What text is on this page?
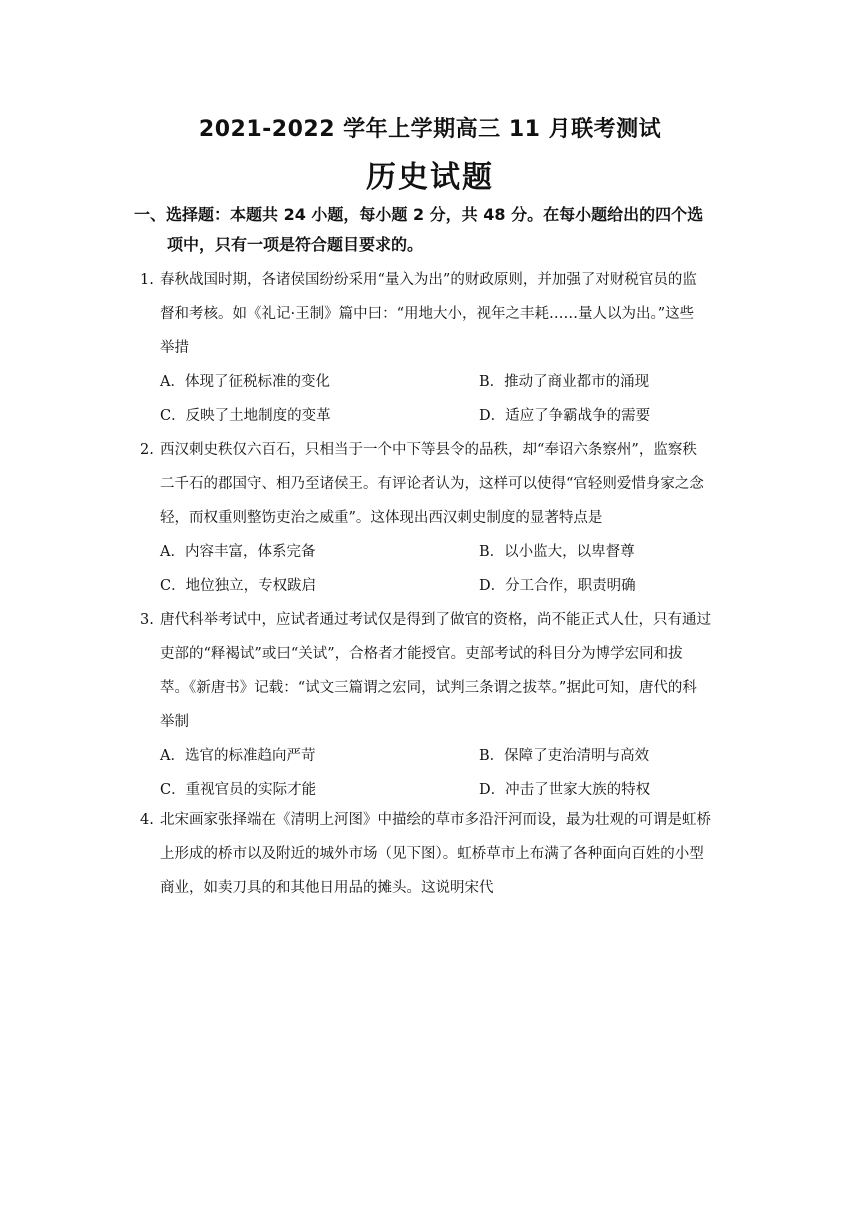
2021-2022 学年上学期高三 11 月联考测试
历史试题
一、选择题：本题共 24 小题，每小题 2 分，共 48 分。在每小题给出的四个选
项中，只有一项是符合题目要求的。
1. 春秋战国时期，各诸侯国纷纷采用“量入为出”的财政原则，并加强了对财税官员的监
督和考核。如《礼记·王制》篇中曰：“用地大小，视年之丰耗……量人以为出。”这些
举措
A．体现了征税标准的变化	B．推动了商业都市的涌现
C．反映了土地制度的变革	D．适应了争霸战争的需要
2. 西汉刺史秩仅六百石，只相当于一个中下等县令的品秩，却“奉诏六条察州”，监察秩
二千石的郡国守、相乃至诸侯王。有评论者认为，这样可以使得“官轻则爱惜身家之念
轻，而权重则整饬吏治之威重”。这体现出西汉刺史制度的显著特点是
A．内容丰富，体系完备	B．以小监大，以卑督尊
C．地位独立，专权跋启	D．分工合作，职责明确
3. 唐代科举考试中，应试者通过考试仅是得到了做官的资格，尚不能正式人仕，只有通过
吏部的“释褐试”或曰“关试”，合格者才能授官。吏部考试的科目分为博学宏同和拔
萃。《新唐书》记载：“试文三篇谓之宏同，试判三条谓之拔萃。”据此可知，唐代的科
举制
A．选官的标准趋向严苛	B．保障了吏治清明与高效
C．重视官员的实际才能	D．冲击了世家大族的特权
4. 北宋画家张择端在《清明上河图》中描绘的草市多沿汗河而设，最为壮观的可谓是虹桥
上形成的桥市以及附近的城外市场（见下图）。虹桥草市上布满了各种面向百姓的小型
商业，如卖刀具的和其他日用品的摊头。这说明宋代
